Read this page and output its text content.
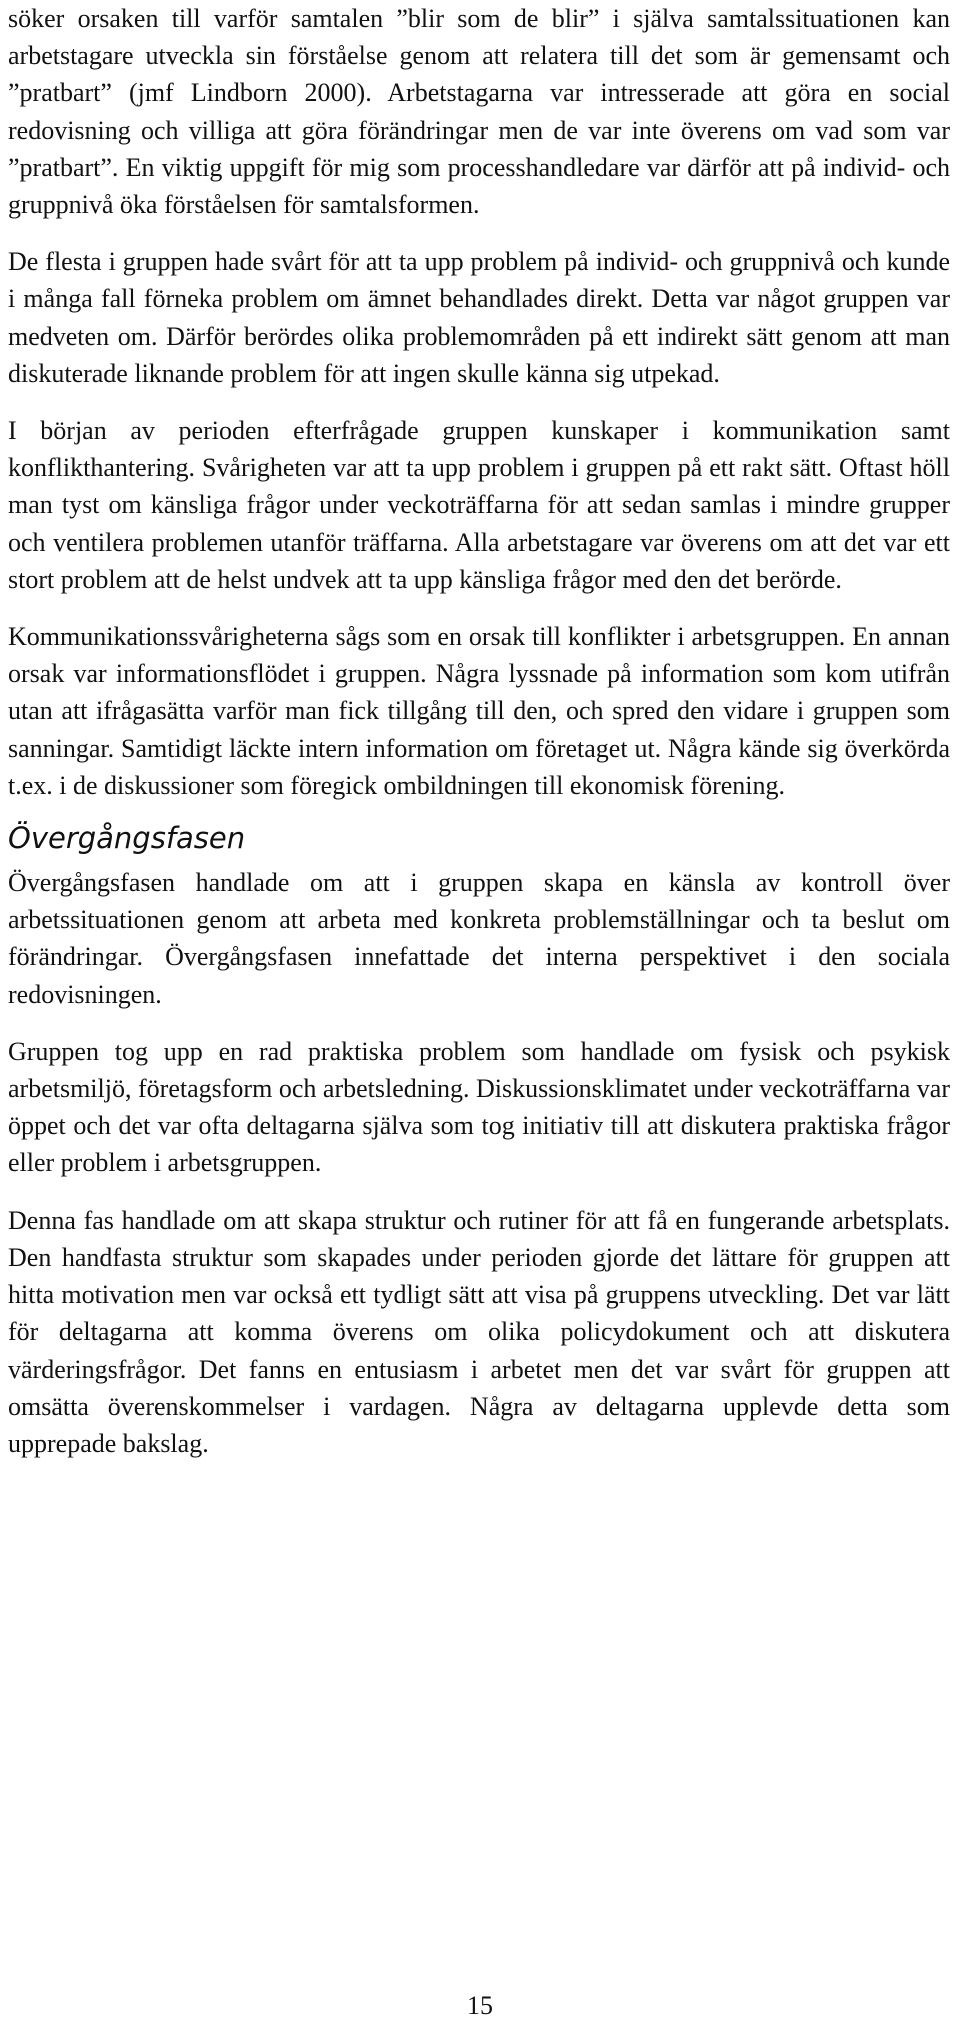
söker orsaken till varför samtalen ”blir som de blir” i själva samtalssituationen kan arbetstagare utveckla sin förståelse genom att relatera till det som är gemensamt och ”pratbart” (jmf Lindborn 2000). Arbetstagarna var intresserade att göra en social redovisning och villiga att göra förändringar men de var inte överens om vad som var ”pratbart”. En viktig uppgift för mig som processhandledare var därför att på individ- och gruppnivå öka förståelsen för samtalsformen.

De flesta i gruppen hade svårt för att ta upp problem på individ- och gruppnivå och kunde i många fall förneka problem om ämnet behandlades direkt. Detta var något gruppen var medveten om. Därför berördes olika problemområden på ett indirekt sätt genom att man diskuterade liknande problem för att ingen skulle känna sig utpekad.

I början av perioden efterfrågade gruppen kunskaper i kommunikation samt konflikthantering. Svårigheten var att ta upp problem i gruppen på ett rakt sätt. Oftast höll man tyst om känsliga frågor under veckoträffarna för att sedan samlas i mindre grupper och ventilera problemen utanför träffarna. Alla arbetstagare var överens om att det var ett stort problem att de helst undvek att ta upp känsliga frågor med den det berörde.

Kommunikationssvårigheterna sågs som en orsak till konflikter i arbetsgruppen. En annan orsak var informationsflödet i gruppen. Några lyssnade på information som kom utifrån utan att ifrågasätta varför man fick tillgång till den, och spred den vidare i gruppen som sanningar. Samtidigt läckte intern information om företaget ut. Några kände sig överkörda t.ex. i de diskussioner som föregick ombildningen till ekonomisk förening.

Övergångsfasen

Övergångsfasen handlade om att i gruppen skapa en känsla av kontroll över arbetssituationen genom att arbeta med konkreta problemställningar och ta beslut om förändringar. Övergångsfasen innefattade det interna perspektivet i den sociala redovisningen.

Gruppen tog upp en rad praktiska problem som handlade om fysisk och psykisk arbetsmiljö, företagsform och arbetsledning. Diskussionsklimatet under veckoträffarna var öppet och det var ofta deltagarna själva som tog initiativ till att diskutera praktiska frågor eller problem i arbetsgruppen.

Denna fas handlade om att skapa struktur och rutiner för att få en fungerande arbetsplats. Den handfasta struktur som skapades under perioden gjorde det lättare för gruppen att hitta motivation men var också ett tydligt sätt att visa på gruppens utveckling. Det var lätt för deltagarna att komma överens om olika policydokument och att diskutera värderingsfrågor. Det fanns en entusiasm i arbetet men det var svårt för gruppen att omsätta överenskommelser i vardagen. Några av deltagarna upplevde detta som upprepade bakslag.

15
